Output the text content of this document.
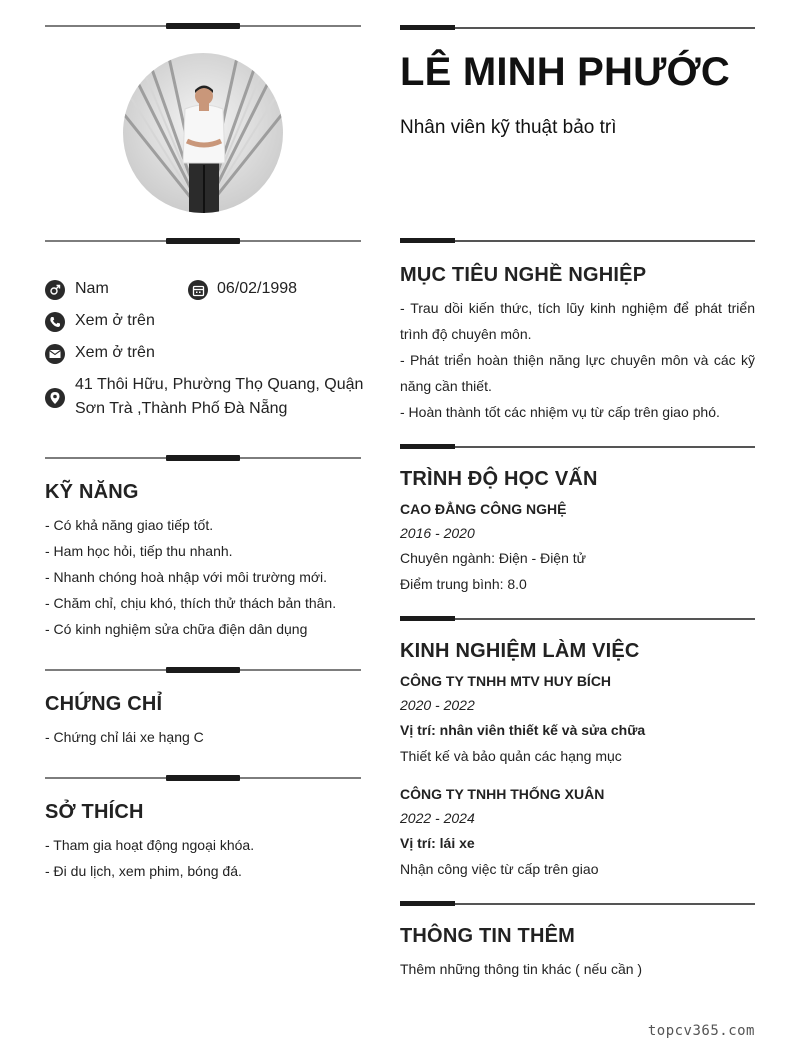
Nam	06/02/1998
Xem ở trên
Xem ở trên
41 Thôi Hữu, Phường Thọ Quang, Quận
Sơn Trà ,Thành Phố Đà Nẵng
KỸ NĂNG
- Có khả năng giao tiếp tốt.
- Ham học hỏi, tiếp thu nhanh.
- Nhanh chóng hoà nhập với môi trường mới.
- Chăm chỉ, chịu khó, thích thử thách bản thân.
- Có kinh nghiệm sửa chữa điện dân dụng
CHỨNG CHỈ
- Chứng chỉ lái xe hạng C
SỞ THÍCH
- Tham gia hoạt động ngoại khóa.
- Đi du lịch, xem phim, bóng đá.
LÊ MINH PHƯỚC
Nhân viên kỹ thuật bảo trì
MỤC TIÊU NGHỀ NGHIỆP

- Trau dồi kiến thức, tích lũy kinh nghiệm để phát triển trình độ chuyên môn.

- Phát triển hoàn thiện năng lực chuyên môn và các kỹ năng cần thiết.

- Hoàn thành tốt các nhiệm vụ từ cấp trên giao phó.

TRÌNH ĐỘ HỌC VẤN
CAO ĐẲNG CÔNG NGHỆ
2016 - 2020
Chuyên ngành: Điện - Điện tử
Điểm trung bình: 8.0
KINH NGHIỆM LÀM VIỆC
CÔNG TY TNHH MTV HUY BÍCH
2020 - 2022
Vị trí: nhân viên thiết kế và sửa chữa
Thiết kế và bảo quản các hạng mục
CÔNG TY TNHH THỐNG XUÂN
2022 - 2024
Vị trí: lái xe
Nhận công việc từ cấp trên giao
THÔNG TIN THÊM
Thêm những thông tin khác ( nếu cần )
topcv365.com
